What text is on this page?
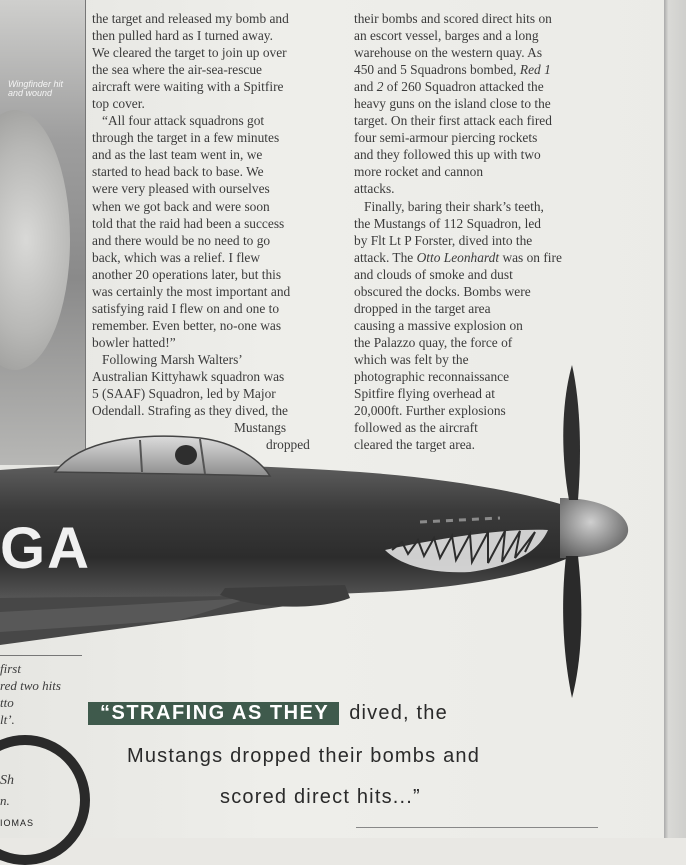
Wingfinder hit and wound

the target and released my bomb and
then pulled hard as I turned away.
We cleared the target to join up over
the sea where the air-sea-rescue
aircraft were waiting with a Spitfire
top cover.

“All four attack squadrons got
through the target in a few minutes
and as the last team went in, we
started to head back to base. We
were very pleased with ourselves
when we got back and were soon
told that the raid had been a success
and there would be no need to go
back, which was a relief. I flew
another 20 operations later, but this
was certainly the most important and
satisfying raid I flew on and one to
remember. Even better, no-one was
bowler hatted!”

Following Marsh Walters’
Australian Kittyhawk squadron was
5 (SAAF) Squadron, led by Major
Odendall. Strafing as they dived, the

Mustangs

dropped

their bombs and scored direct hits on
an escort vessel, barges and a long
warehouse on the western quay. As
450 and 5 Squadrons bombed, Red 1
and 2 of 260 Squadron attacked the
heavy guns on the island close to the
target. On their first attack each fired
four semi-armour piercing rockets
and they followed this up with two
more rocket and cannon
attacks.

Finally, baring their shark’s teeth,
the Mustangs of 112 Squadron, led
by Flt Lt P Forster, dived into the
attack. The Otto Leonhardt was on fire
and clouds of smoke and dust
obscured the docks. Bombs were
dropped in the target area
causing a massive explosion on
the Palazzo quay, the force of
which was felt by the
photographic reconnaissance
Spitfire flying overhead at
20,000ft. Further explosions
followed as the aircraft
cleared the target area.

GA
first
red two hits
tto
lt’.
Sh
n.
IOMAS
“STRAFING AS THEY dived, the
Mustangs dropped their bombs and
scored direct hits...”
